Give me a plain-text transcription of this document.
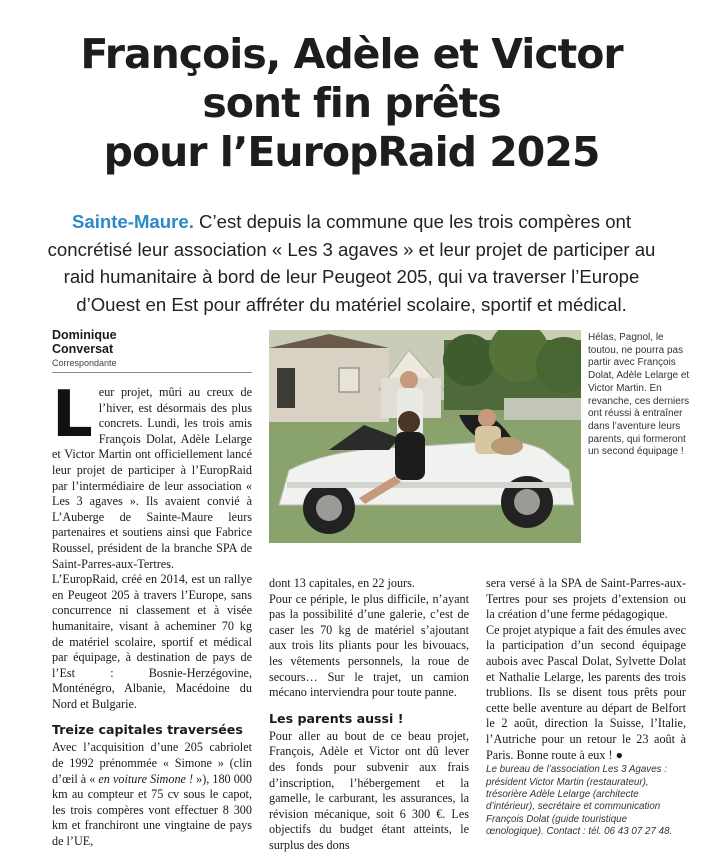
François, Adèle et Victor
sont fin prêts
pour l’EuropRaid 2025
Sainte-Maure. C’est depuis la commune que les trois compères ont concrétisé leur association « Les 3 agaves » et leur projet de participer au raid humanitaire à bord de leur Peugeot 205, qui va traverser l’Europe d’Ouest en Est pour affréter du matériel scolaire, sportif et médical.
Dominique
Conversat
Correspondante

Leur projet, mûri au creux de l’hiver, est désormais des plus concrets. Lundi, les trois amis François Dolat, Adèle Lelarge et Victor Martin ont officiellement lancé leur projet de participer à l’EuropRaid par l’intermédiaire de leur association « Les 3 agaves ». Ils avaient convié à L’Auberge de Sainte-Maure leurs partenaires et soutiens ainsi que Fabrice Roussel, président de la branche SPA de Saint-Parres-aux-Tertres.

L’EuropRaid, créé en 2014, est un rallye en Peugeot 205 à travers l’Europe, sans concurrence ni classement et à visée humanitaire, visant à acheminer 70 kg de matériel scolaire, sportif et médical par équipage, à destination de pays de l’Est : Bosnie-Herzégovine, Monténégro, Albanie, Macédoine du Nord et Bulgarie.

Treize capitales traversées

Avec l’acquisition d’une 205 cabriolet de 1992 prénommée « Simone » (clin d’œil à « en voiture Simone ! »), 180 000 km au compteur et 75 cv sous le capot, les trois compères vont effectuer 8 300 km et franchiront une vingtaine de pays de l’UE,

Hélas, Pagnol, le toutou, ne pourra pas partir avec François Dolat, Adèle Lelarge et Victor Martin. En revanche, ces derniers ont réussi à entraîner dans l’aventure leurs parents, qui formeront un second équipage !

dont 13 capitales, en 22 jours.

Pour ce périple, le plus difficile, n’ayant pas la possibilité d’une galerie, c’est de caser les 70 kg de matériel s’ajoutant aux trois lits pliants pour les bivouacs, les vêtements personnels, la roue de secours… Sur le trajet, un camion mécano interviendra pour toute panne.

Les parents aussi !

Pour aller au bout de ce beau projet, François, Adèle et Victor ont dû lever des fonds pour subvenir aux frais d’inscription, l’hébergement et la gamelle, le carburant, les assurances, la révision mécanique, soit 6 300 €. Les objectifs du budget étant atteints, le surplus des dons

sera versé à la SPA de Saint-Parres-aux-Tertres pour ses projets d’extension ou la création d’une ferme pédagogique.

Ce projet atypique a fait des émules avec la participation d’un second équipage aubois avec Pascal Dolat, Sylvette Dolat et Nathalie Lelarge, les parents des trois trublions. Ils se disent tous prêts pour cette belle aventure au départ de Belfort le 2 août, direction la Suisse, l’Italie, l’Autriche pour un retour le 23 août à Paris. Bonne route à eux ! ●

Le bureau de l’association Les 3 Agaves : président Victor Martin (restaurateur), trésorière Adèle Lelarge (architecte d’intérieur), secrétaire et communication François Dolat (guide touristique œnologique). Contact : tél. 06 43 07 27 48.
